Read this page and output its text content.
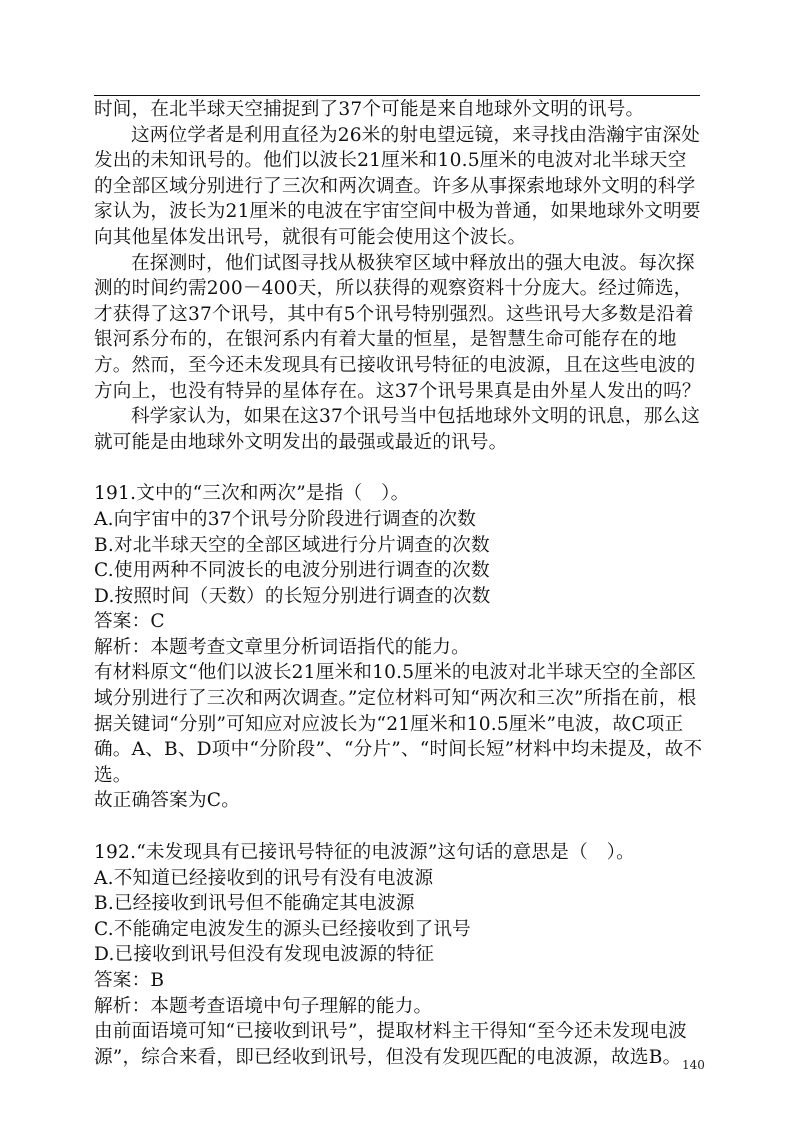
时间，在北半球天空捕捉到了37个可能是来自地球外文明的讯号。

这两位学者是利用直径为26米的射电望远镜，来寻找由浩瀚宇宙深处发出的未知讯号的。他们以波长21厘米和10.5厘米的电波对北半球天空的全部区域分别进行了三次和两次调查。许多从事探索地球外文明的科学家认为，波长为21厘米的电波在宇宙空间中极为普通，如果地球外文明要向其他星体发出讯号，就很有可能会使用这个波长。

在探测时，他们试图寻找从极狭窄区域中释放出的强大电波。每次探测的时间约需200－400天，所以获得的观察资料十分庞大。经过筛选，才获得了这37个讯号，其中有5个讯号特别强烈。这些讯号大多数是沿着银河系分布的，在银河系内有着大量的恒星，是智慧生命可能存在的地方。然而，至今还未发现具有已接收讯号特征的电波源，且在这些电波的方向上，也没有特异的星体存在。这37个讯号果真是由外星人发出的吗？

科学家认为，如果在这37个讯号当中包括地球外文明的讯息，那么这就可能是由地球外文明发出的最强或最近的讯号。

191.文中的“三次和两次”是指（　）。

A.向宇宙中的37个讯号分阶段进行调查的次数

B.对北半球天空的全部区域进行分片调查的次数

C.使用两种不同波长的电波分别进行调查的次数

D.按照时间（天数）的长短分别进行调查的次数

答案：C

解析：本题考查文章里分析词语指代的能力。

有材料原文“他们以波长21厘米和10.5厘米的电波对北半球天空的全部区域分别进行了三次和两次调查。”定位材料可知“两次和三次”所指在前，根据关键词“分别”可知应对应波长为“21厘米和10.5厘米”电波，故C项正确。A、B、D项中“分阶段”、“分片”、“时间长短”材料中均未提及，故不选。

故正确答案为C。

192.“未发现具有已接讯号特征的电波源”这句话的意思是（　）。

A.不知道已经接收到的讯号有没有电波源

B.已经接收到讯号但不能确定其电波源

C.不能确定电波发生的源头已经接收到了讯号

D.已接收到讯号但没有发现电波源的特征

答案：B

解析：本题考查语境中句子理解的能力。

由前面语境可知“已接收到讯号”，提取材料主干得知“至今还未发现电波源”，综合来看，即已经收到讯号，但没有发现匹配的电波源，故选B。 140
